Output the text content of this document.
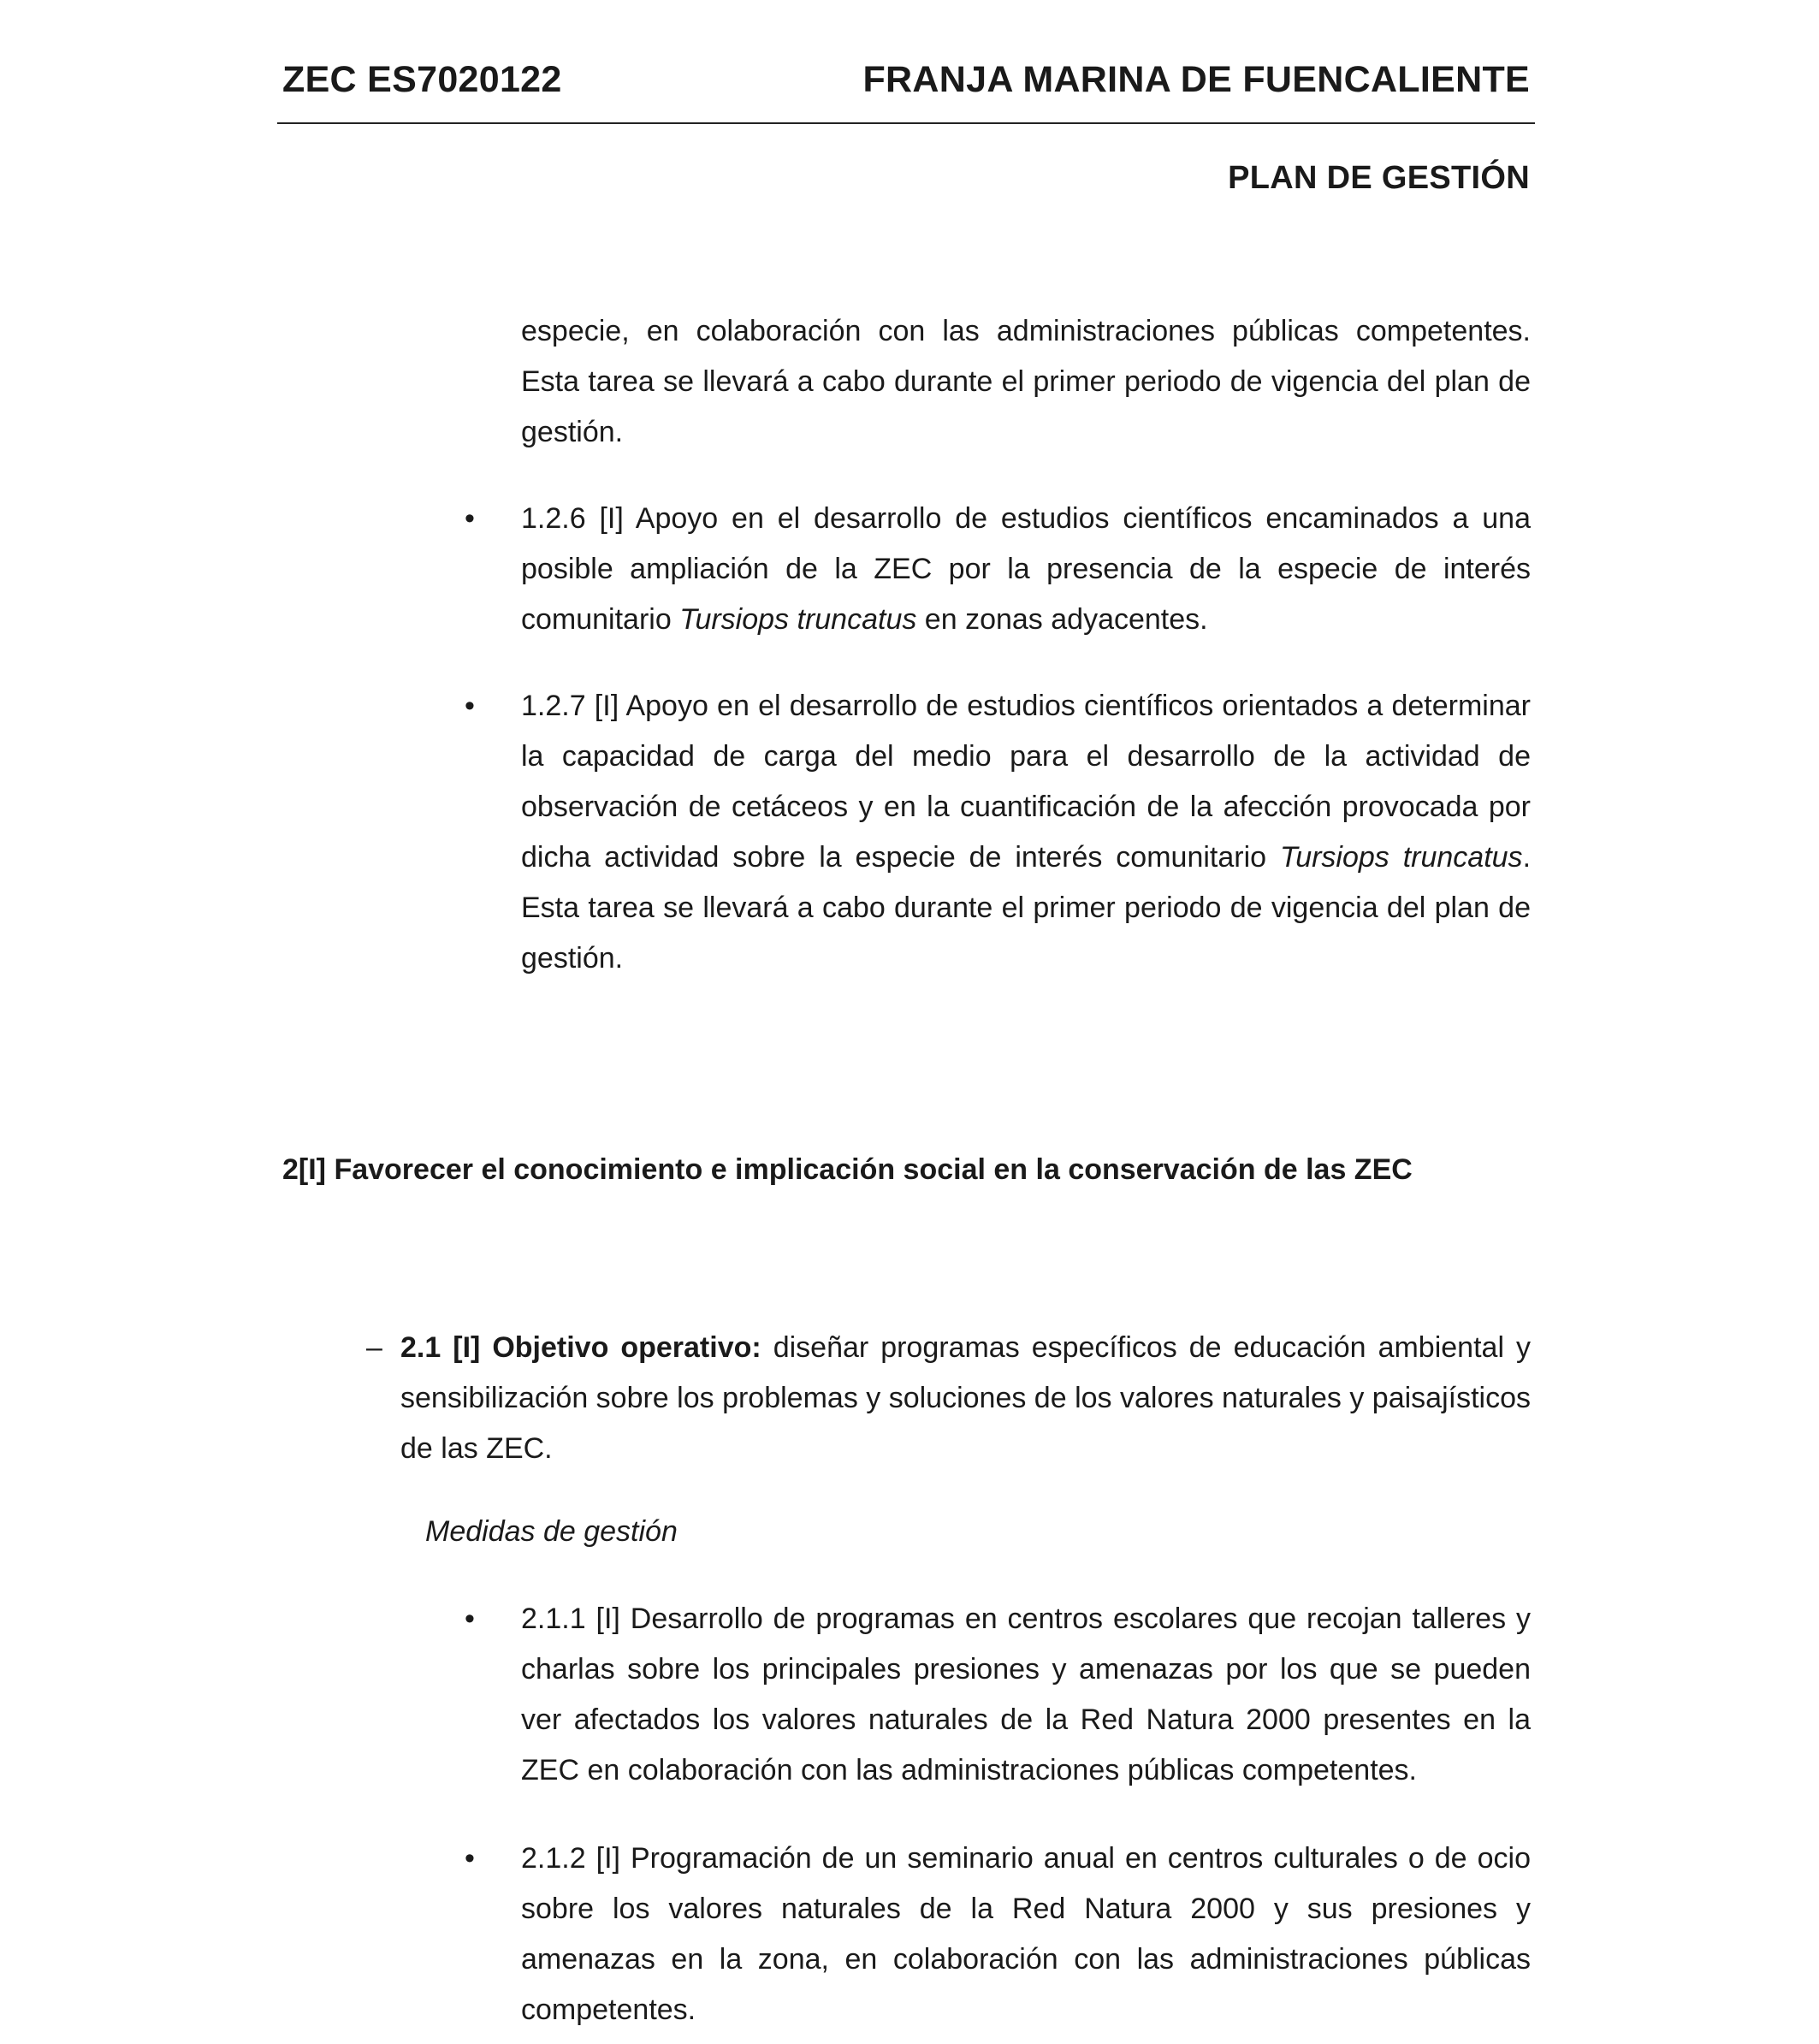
ZEC ES7020122	FRANJA MARINA DE FUENCALIENTE
PLAN DE GESTIÓN
especie, en colaboración con las administraciones públicas competentes. Esta tarea se llevará a cabo durante el primer periodo de vigencia del plan de gestión.
• 1.2.6 [I] Apoyo en el desarrollo de estudios científicos encaminados a una posible ampliación de la ZEC por la presencia de la especie de interés comunitario Tursiops truncatus en zonas adyacentes.
• 1.2.7 [I] Apoyo en el desarrollo de estudios científicos orientados a determinar la capacidad de carga del medio para el desarrollo de la actividad de observación de cetáceos y en la cuantificación de la afección provocada por dicha actividad sobre la especie de interés comunitario Tursiops truncatus. Esta tarea se llevará a cabo durante el primer periodo de vigencia del plan de gestión.
2[I] Favorecer el conocimiento e implicación social en la conservación de las ZEC
– 2.1 [I] Objetivo operativo: diseñar programas específicos de educación ambiental y sensibilización sobre los problemas y soluciones de los valores naturales y paisajísticos de las ZEC.
Medidas de gestión
• 2.1.1 [I] Desarrollo de programas en centros escolares que recojan talleres y charlas sobre los principales presiones y amenazas por los que se pueden ver afectados los valores naturales de la Red Natura 2000 presentes en la ZEC en colaboración con las administraciones públicas competentes.
• 2.1.2 [I] Programación de un seminario anual en centros culturales o de ocio sobre los valores naturales de la Red Natura 2000 y sus presiones y amenazas en la zona, en colaboración con las administraciones públicas competentes.
